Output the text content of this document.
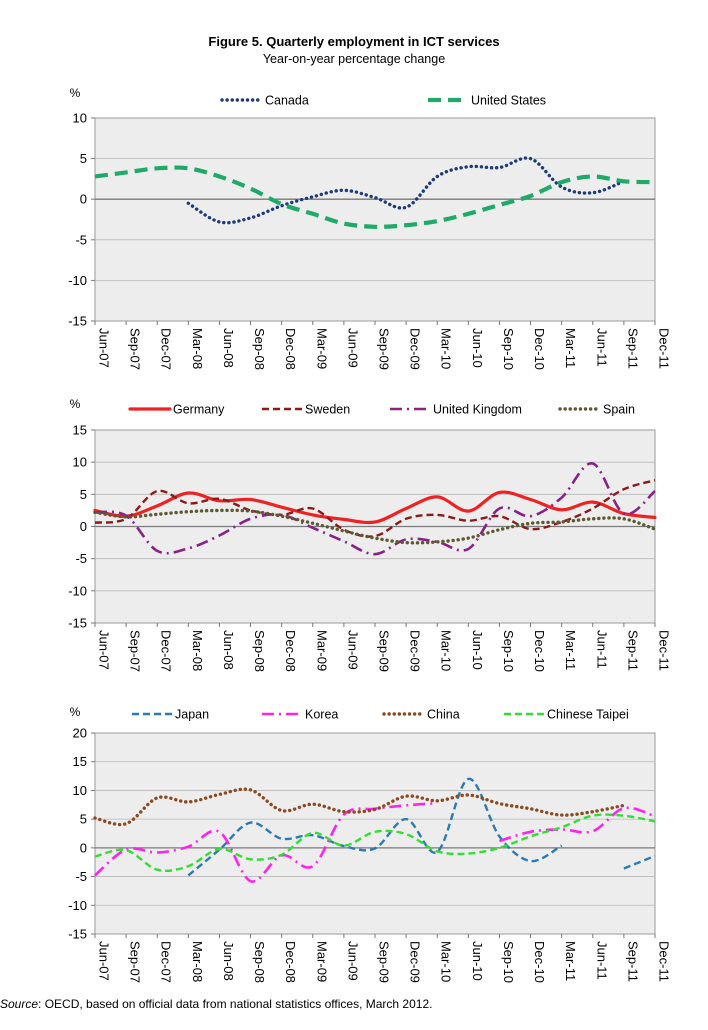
Figure 5. Quarterly employment in ICT services
Year-on-year percentage change
-15
-10
-5
0
5
10
%
Jun-07 Sep-07 Dec-07 Mar-08 Jun-08 Sep-08 Dec-08 Mar-09 Jun-09 Sep-09 Dec-09 Mar-10 Jun-10 Sep-10 Dec-10 Mar-11 Jun-11 Sep-11 Dec-11
Canada	United States
-15
-10
-5
0
5
10
15
%
Jun-07 Sep-07 Dec-07 Mar-08 Jun-08 Sep-08 Dec-08 Mar-09 Jun-09 Sep-09 Dec-09 Mar-10 Jun-10 Sep-10 Dec-10 Mar-11 Jun-11 Sep-11 Dec-11
Germany	Sweden	United Kingdom	Spain
-15
-10
-5
0
5
10
15
20
%
Jun-07 Sep-07 Dec-07 Mar-08 Jun-08 Sep-08 Dec-08 Mar-09 Jun-09 Sep-09 Dec-09 Mar-10 Jun-10 Sep-10 Dec-10 Mar-11 Jun-11 Sep-11 Dec-11
Japan	Korea	China	Chinese Taipei
Source: OECD, based on official data from national statistics offices, March 2012.
